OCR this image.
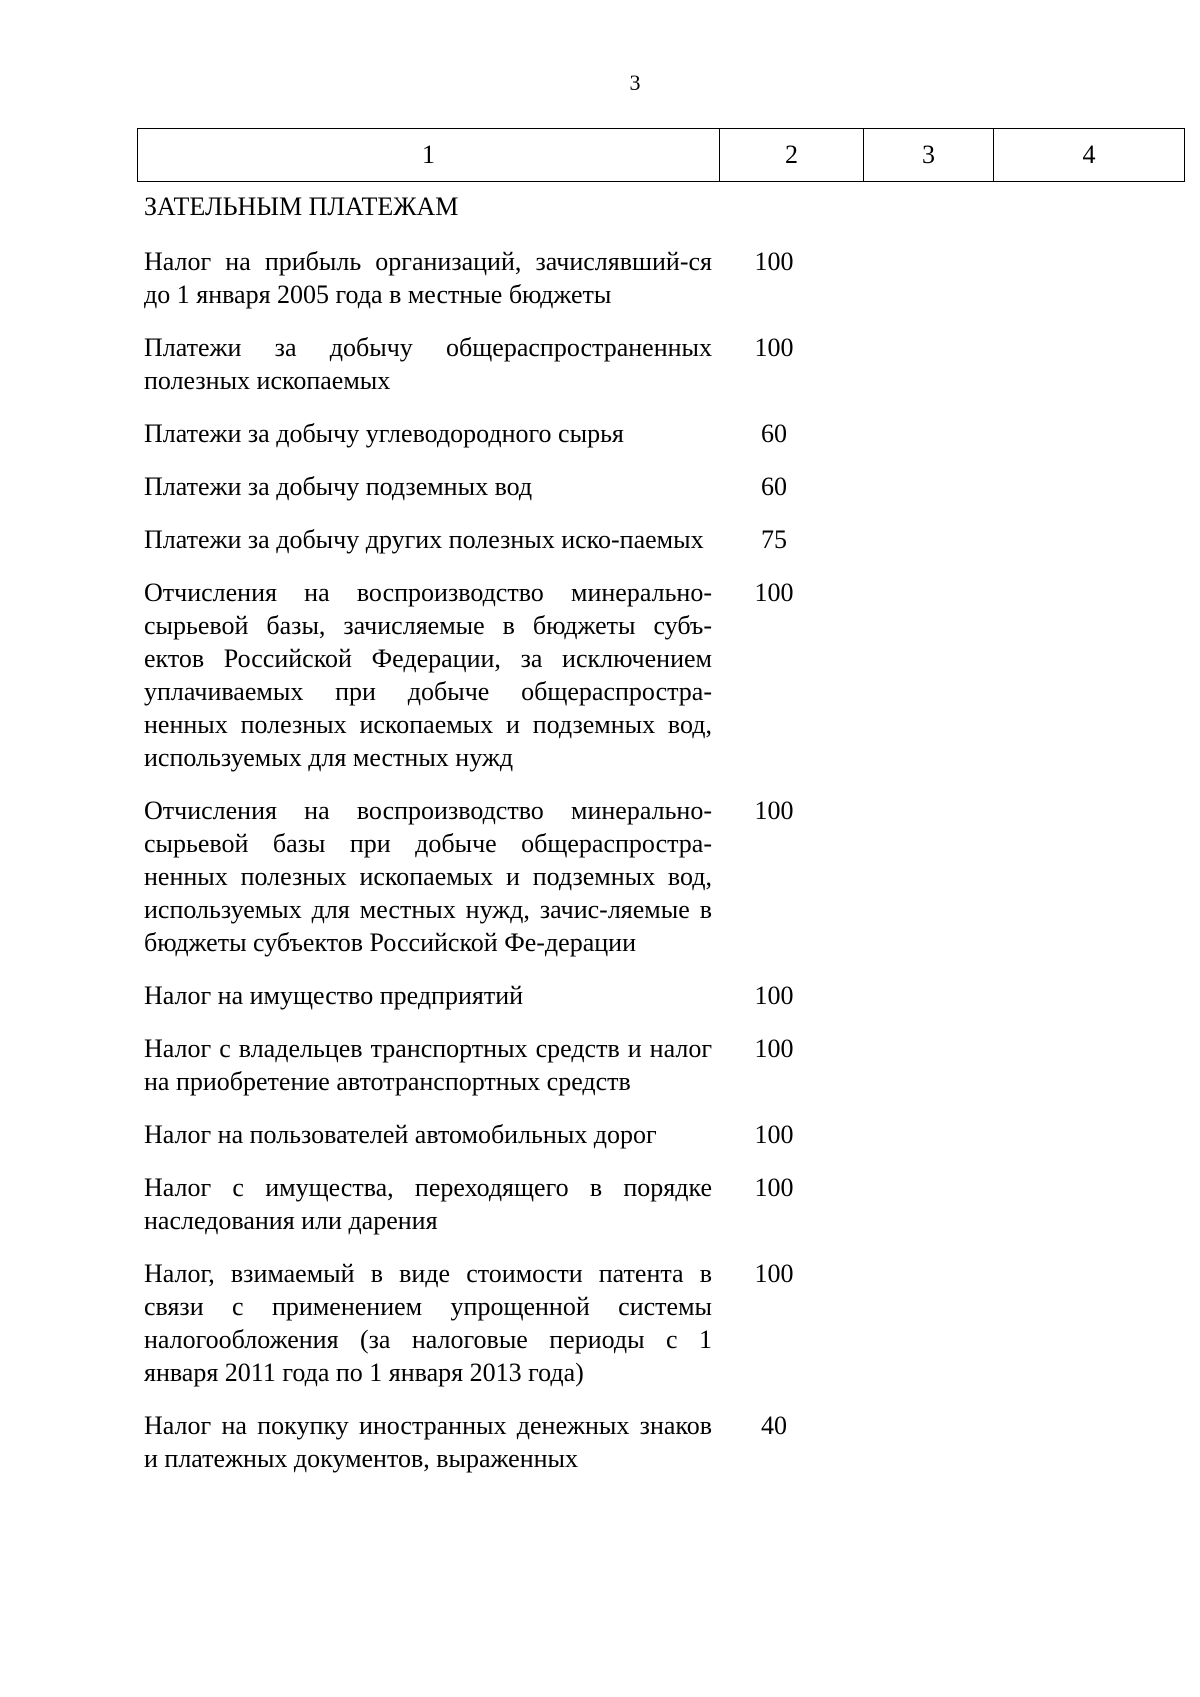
3
1	2	3	4
ЗАТЕЛЬНЫМ ПЛАТЕЖАМ
Налог на прибыль организаций, зачислявший-ся до 1 января 2005 года в местные бюджеты
100
Платежи за добычу общераспространенных полезных ископаемых
100
Платежи за добычу углеводородного сырья	60
Платежи за добычу подземных вод	60
Платежи за добычу других полезных иско-паемых	75
Отчисления на воспроизводство минерально-сырьевой базы, зачисляемые в бюджеты субъ-ектов Российской Федерации, за исключением уплачиваемых при добыче общераспростра-ненных полезных ископаемых и подземных вод, используемых для местных нужд
100
Отчисления на воспроизводство минерально-сырьевой базы при добыче общераспростра-ненных полезных ископаемых и подземных вод, используемых для местных нужд, зачис-ляемые в бюджеты субъектов Российской Фе-дерации
100
Налог на имущество предприятий	100
Налог с владельцев транспортных средств и налог на приобретение автотранспортных средств
100
Налог на пользователей автомобильных дорог	100
Налог с имущества, переходящего в порядке наследования или дарения
100
Налог, взимаемый в виде стоимости патента в связи с применением упрощенной системы налогообложения (за налоговые периоды с 1 января 2011 года по 1 января 2013 года)
100
Налог на покупку иностранных денежных знаков и платежных документов, выраженных
40
